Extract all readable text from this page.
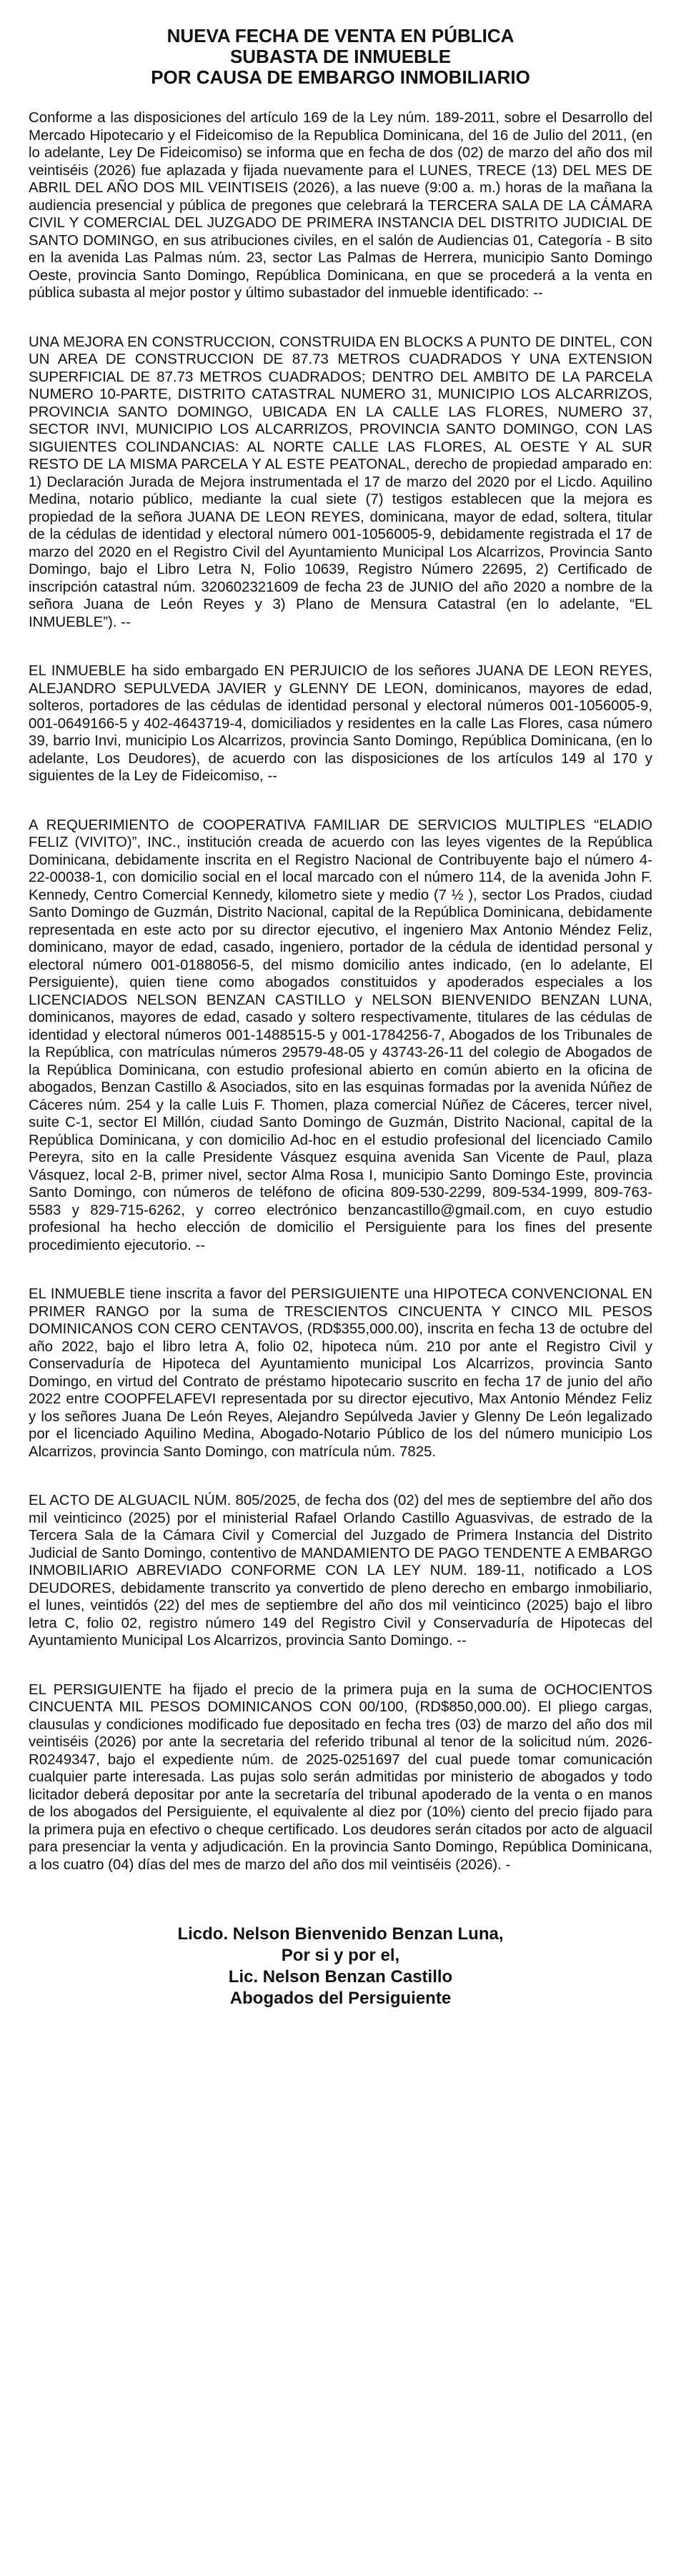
NUEVA FECHA DE VENTA EN PÚBLICA
SUBASTA DE INMUEBLE
POR CAUSA DE EMBARGO INMOBILIARIO

Conforme a las disposiciones del artículo 169 de la Ley núm. 189-2011, sobre el Desarrollo del Mercado Hipotecario y el Fideicomiso de la Republica Dominicana, del 16 de Julio del 2011, (en lo adelante, Ley De Fideicomiso) se informa que en fecha de dos (02) de marzo del año dos mil veintiséis (2026) fue aplazada y fijada nuevamente para el LUNES, TRECE (13) DEL MES DE ABRIL DEL AÑO DOS MIL VEINTISEIS (2026), a las nueve (9:00 a. m.) horas de la mañana la audiencia presencial y pública de pregones que celebrará la TERCERA SALA DE LA CÁMARA CIVIL Y COMERCIAL DEL JUZGADO DE PRIMERA INSTANCIA DEL DISTRITO JUDICIAL DE SANTO DOMINGO, en sus atribuciones civiles, en el salón de Audiencias 01, Categoría - B sito en la avenida Las Palmas núm. 23, sector Las Palmas de Herrera, municipio Santo Domingo Oeste, provincia Santo Domingo, República Dominicana, en que se procederá a la venta en pública subasta al mejor postor y último subastador del inmueble identificado: --

UNA MEJORA EN CONSTRUCCION, CONSTRUIDA EN BLOCKS A PUNTO DE DINTEL, CON UN AREA DE CONSTRUCCION DE 87.73 METROS CUADRADOS Y UNA EXTENSION SUPERFICIAL DE 87.73 METROS CUADRADOS; DENTRO DEL AMBITO DE LA PARCELA NUMERO 10-PARTE, DISTRITO CATASTRAL NUMERO 31, MUNICIPIO LOS ALCARRIZOS, PROVINCIA SANTO DOMINGO, UBICADA EN LA CALLE LAS FLORES, NUMERO 37, SECTOR INVI, MUNICIPIO LOS ALCARRIZOS, PROVINCIA SANTO DOMINGO, CON LAS SIGUIENTES COLINDANCIAS: AL NORTE CALLE LAS FLORES, AL OESTE Y AL SUR RESTO DE LA MISMA PARCELA Y AL ESTE PEATONAL, derecho de propiedad amparado en: 1) Declaración Jurada de Mejora instrumentada el 17 de marzo del 2020 por el Licdo. Aquilino Medina, notario público, mediante la cual siete (7) testigos establecen que la mejora es propiedad de la señora JUANA DE LEON REYES, dominicana, mayor de edad, soltera, titular de la cédulas de identidad y electoral número 001-1056005-9, debidamente registrada el 17 de marzo del 2020 en el Registro Civil del Ayuntamiento Municipal Los Alcarrizos, Provincia Santo Domingo, bajo el Libro Letra N, Folio 10639, Registro Número 22695, 2) Certificado de inscripción catastral núm. 320602321609 de fecha 23 de JUNIO del año 2020 a nombre de la señora Juana de León Reyes y 3) Plano de Mensura Catastral (en lo adelante, “EL INMUEBLE”). --

EL INMUEBLE ha sido embargado EN PERJUICIO de los señores JUANA DE LEON REYES, ALEJANDRO SEPULVEDA JAVIER y GLENNY DE LEON, dominicanos, mayores de edad, solteros, portadores de las cédulas de identidad personal y electoral números 001-1056005-9, 001-0649166-5 y 402-4643719-4, domiciliados y residentes en la calle Las Flores, casa número 39, barrio Invi, municipio Los Alcarrizos, provincia Santo Domingo, República Dominicana, (en lo adelante, Los Deudores), de acuerdo con las disposiciones de los artículos 149 al 170 y siguientes de la Ley de Fideicomiso, --

A REQUERIMIENTO de COOPERATIVA FAMILIAR DE SERVICIOS MULTIPLES “ELADIO FELIZ (VIVITO)”, INC., institución creada de acuerdo con las leyes vigentes de la República Dominicana, debidamente inscrita en el Registro Nacional de Contribuyente bajo el número 4-22-00038-1, con domicilio social en el local marcado con el número 114, de la avenida John F. Kennedy, Centro Comercial Kennedy, kilometro siete y medio (7 ½ ), sector Los Prados, ciudad Santo Domingo de Guzmán, Distrito Nacional, capital de la República Dominicana, debidamente representada en este acto por su director ejecutivo, el ingeniero Max Antonio Méndez Feliz, dominicano, mayor de edad, casado, ingeniero, portador de la cédula de identidad personal y electoral número 001-0188056-5, del mismo domicilio antes indicado, (en lo adelante, El Persiguiente), quien tiene como abogados constituidos y apoderados especiales a los LICENCIADOS NELSON BENZAN CASTILLO y NELSON BIENVENIDO BENZAN LUNA, dominicanos, mayores de edad, casado y soltero respectivamente, titulares de las cédulas de identidad y electoral números 001-1488515-5 y 001-1784256-7, Abogados de los Tribunales de la República, con matrículas números 29579-48-05 y 43743-26-11 del colegio de Abogados de la República Dominicana, con estudio profesional abierto en común abierto en la oficina de abogados, Benzan Castillo & Asociados, sito en las esquinas formadas por la avenida Núñez de Cáceres núm. 254 y la calle Luis F. Thomen, plaza comercial Núñez de Cáceres, tercer nivel, suite C-1, sector El Millón, ciudad Santo Domingo de Guzmán, Distrito Nacional, capital de la República Dominicana, y con domicilio Ad-hoc en el estudio profesional del licenciado Camilo Pereyra, sito en la calle Presidente Vásquez esquina avenida San Vicente de Paul, plaza Vásquez, local 2-B, primer nivel, sector Alma Rosa I, municipio Santo Domingo Este, provincia Santo Domingo, con números de teléfono de oficina 809-530-2299, 809-534-1999, 809-763-5583 y 829-715-6262, y correo electrónico benzancastillo@gmail.com, en cuyo estudio profesional ha hecho elección de domicilio el Persiguiente para los fines del presente procedimiento ejecutorio. --

EL INMUEBLE tiene inscrita a favor del PERSIGUIENTE una HIPOTECA CONVENCIONAL EN PRIMER RANGO por la suma de TRESCIENTOS CINCUENTA Y CINCO MIL PESOS DOMINICANOS CON CERO CENTAVOS, (RD$355,000.00), inscrita en fecha 13 de octubre del año 2022, bajo el libro letra A, folio 02, hipoteca núm. 210 por ante el Registro Civil y Conservaduría de Hipoteca del Ayuntamiento municipal Los Alcarrizos, provincia Santo Domingo, en virtud del Contrato de préstamo hipotecario suscrito en fecha 17 de junio del año 2022 entre COOPFELAFEVI representada por su director ejecutivo, Max Antonio Méndez Feliz y los señores Juana De León Reyes, Alejandro Sepúlveda Javier y Glenny De León legalizado por el licenciado Aquilino Medina, Abogado-Notario Público de los del número municipio Los Alcarrizos, provincia Santo Domingo, con matrícula núm. 7825.

EL ACTO DE ALGUACIL NÚM. 805/2025, de fecha dos (02) del mes de septiembre del año dos mil veinticinco (2025) por el ministerial Rafael Orlando Castillo Aguasvivas, de estrado de la Tercera Sala de la Cámara Civil y Comercial del Juzgado de Primera Instancia del Distrito Judicial de Santo Domingo, contentivo de MANDAMIENTO DE PAGO TENDENTE A EMBARGO INMOBILIARIO ABREVIADO CONFORME CON LA LEY NUM. 189-11, notificado a LOS DEUDORES, debidamente transcrito ya convertido de pleno derecho en embargo inmobiliario, el lunes, veintidós (22) del mes de septiembre del año dos mil veinticinco (2025) bajo el libro letra C, folio 02, registro número 149 del Registro Civil y Conservaduría de Hipotecas del Ayuntamiento Municipal Los Alcarrizos, provincia Santo Domingo. --

EL PERSIGUIENTE ha fijado el precio de la primera puja en la suma de OCHOCIENTOS CINCUENTA MIL PESOS DOMINICANOS CON 00/100, (RD$850,000.00). El pliego cargas, clausulas y condiciones modificado fue depositado en fecha tres (03) de marzo del año dos mil veintiséis (2026) por ante la secretaria del referido tribunal al tenor de la solicitud núm. 2026-R0249347, bajo el expediente núm. de 2025-0251697 del cual puede tomar comunicación cualquier parte interesada. Las pujas solo serán admitidas por ministerio de abogados y todo licitador deberá depositar por ante la secretaría del tribunal apoderado de la venta o en manos de los abogados del Persiguiente, el equivalente al diez por (10%) ciento del precio fijado para la primera puja en efectivo o cheque certificado. Los deudores serán citados por acto de alguacil para presenciar la venta y adjudicación. En la provincia Santo Domingo, República Dominicana, a los cuatro (04) días del mes de marzo del año dos mil veintiséis (2026). -

Licdo. Nelson Bienvenido Benzan Luna,
Por si y por el,
Lic. Nelson Benzan Castillo
Abogados del Persiguiente
